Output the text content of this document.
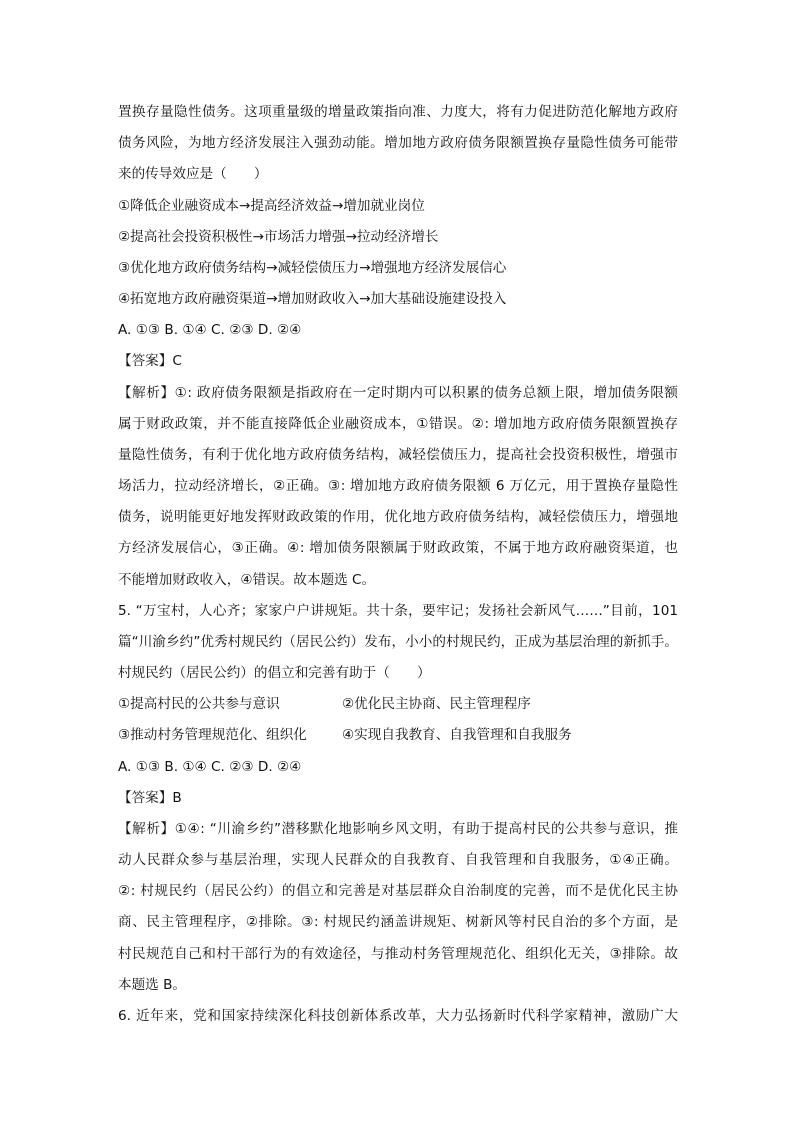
置换存量隐性债务。这项重量级的增量政策指向准、力度大，将有力促进防范化解地方政府
债务风险，为地方经济发展注入强劲动能。增加地方政府债务限额置换存量隐性债务可能带
来的传导效应是（　　）
①降低企业融资成本→提高经济效益→增加就业岗位
②提高社会投资积极性→市场活力增强→拉动经济增长
③优化地方政府债务结构→减轻偿债压力→增强地方经济发展信心
④拓宽地方政府融资渠道→增加财政收入→加大基础设施建设投入
A. ①③ B. ①④ C. ②③ D. ②④
【答案】C
【解析】①: 政府债务限额是指政府在一定时期内可以积累的债务总额上限，增加债务限额
属于财政政策，并不能直接降低企业融资成本，①错误。②: 增加地方政府债务限额置换存
量隐性债务，有利于优化地方政府债务结构，减轻偿债压力，提高社会投资积极性，增强市
场活力，拉动经济增长，②正确。③: 增加地方政府债务限额 6 万亿元，用于置换存量隐性
债务，说明能更好地发挥财政政策的作用，优化地方政府债务结构，减轻偿债压力，增强地
方经济发展信心，③正确。④: 增加债务限额属于财政政策，不属于地方政府融资渠道，也
不能增加财政收入，④错误。故本题选 C。
5. “万宝村，人心齐；家家户户讲规矩。共十条，要牢记；发扬社会新风气……”目前，101
篇“川渝乡约”优秀村规民约（居民公约）发布，小小的村规民约，正成为基层治理的新抓手。
村规民约（居民公约）的倡立和完善有助于（　　）
①提高村民的公共参与意识	②优化民主协商、民主管理程序
③推动村务管理规范化、组织化	④实现自我教育、自我管理和自我服务
A. ①③ B. ①④ C. ②③ D. ②④
【答案】B
【解析】①④: “川渝乡约”潜移默化地影响乡风文明，有助于提高村民的公共参与意识，推
动人民群众参与基层治理，实现人民群众的自我教育、自我管理和自我服务，①④正确。
②: 村规民约（居民公约）的倡立和完善是对基层群众自治制度的完善，而不是优化民主协
商、民主管理程序，②排除。③: 村规民约涵盖讲规矩、树新风等村民自治的多个方面，是
村民规范自己和村干部行为的有效途径，与推动村务管理规范化、组织化无关，③排除。故
本题选 B。
6. 近年来，党和国家持续深化科技创新体系改革，大力弘扬新时代科学家精神，激励广大
